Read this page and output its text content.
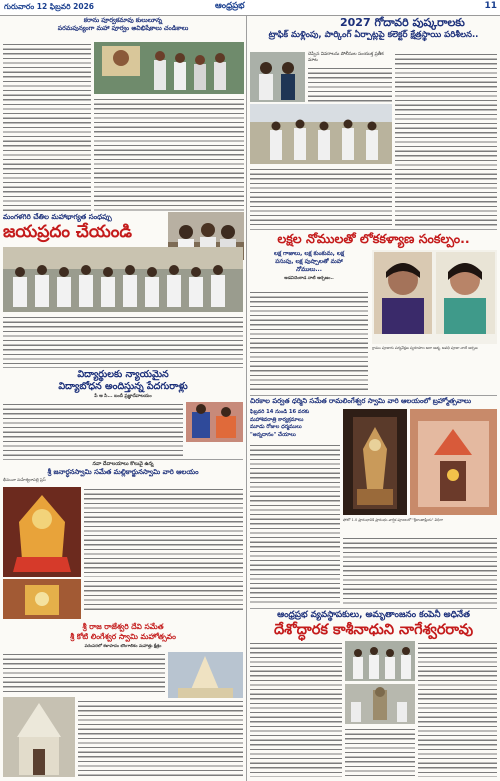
గురువారం 12 ఫిబ్రవరి 2026	ఆంధ్రప్రభ	11
కరాను పూర్వకమావు కులులూన్న
పరమపున్యంగా మహా పూర్వం అవిభిషేకాలు చండికాలు
మంగళగిరి చేతిల మహాభాగ్యత సంధప్పు
జయప్రదం చేయండి
విద్యార్థులకు న్యాయమైన
విద్యాబోధన అందిస్తున్న పేదగురాళ్లు
పే ఆ సి... బందీ ప్రజ్ఞాదేవాలయం
నవా దేవాలయాలు కొలువై ఉన్న
శ్రీ జనార్ధనస్వామి సమేత మల్లికార్జునస్వామి వారి ఆలయం
భీమునా మహేశ్వరాపల్లి ప్రెస్
శ్రీ రాజ రాజేశ్వరి దేవి సమేత
శ్రీ కోటి లింగేశ్వర స్వామి మహోత్సవం
పరంపరలో కళాపాదం బొంగాలికం మహాత్తు క్షేత్రం
2027 గోదావరి పుష్కరాలకు
ట్రాఫిక్ మళ్లింపు, పార్కింగ్ ఏర్పాట్లపై కలెక్టర్ క్షేత్రస్థాయి పరిశీలన..
చెప్పిన వివరాలను పోలీసుల సంయుక్త ప్రతీక మాట
లక్షల నోములతో లోకకళ్యాణ సంకల్పం..
లక్ష గాజులు, లక్ష కుంకుమ, లక్ష
పసుపు, లక్ష పుష్పాలతో మహా
నోములు...
అడవిచెంకాడ నాటి అర్పణం..
గ్రామం పూజారు పర్యవేక్షణ స్వరూపాల ఆరా ఆత్మ, అవధి పూజా నాటి అర్పణ
చిరకాల పర్వత ధర్మిని సమేత రామలింగేశ్వర స్వామి వారి ఆలయంలో బ్రహ్మోత్సవాలు
ఫిబ్రవరి 14 నుండి 16 వరకు
మహాశివరాత్రి కార్యక్రమాలు
మూడు రోజుల ధర్మములు
"అన్నదానం" చేయాలు
ఫోటో 1.0 ప్రారంభానికి ప్రారంభం వార్షిక పూజలలో "శ్రీకాంతాప్రియ" విధిగా
ఆంధ్రప్రభ వ్యవస్థాపకులు, అమృతాంజనం కంపెనీ అధినేత
దేశోద్ధారక కాశీనాధుని నాగేశ్వరరావు
